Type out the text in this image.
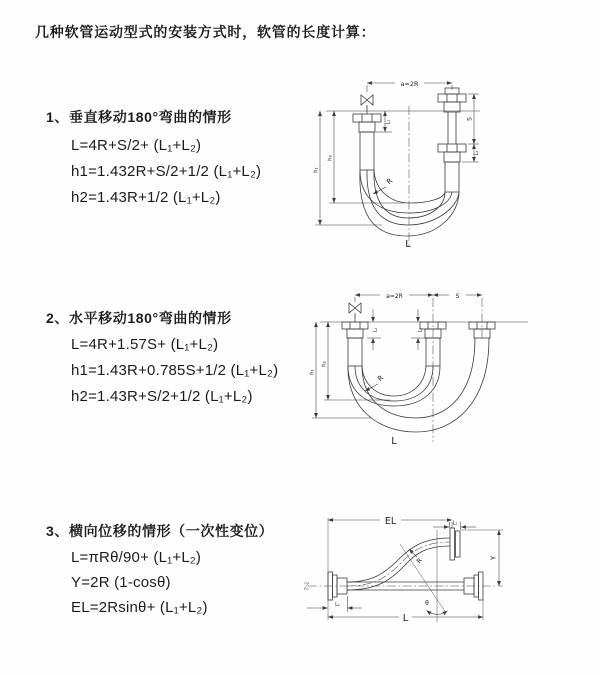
几种软管运动型式的安装方式时，软管的长度计算：
1、垂直移动180°弯曲的情形
L=4R+S/2+ (L₁+L₂)
h1=1.432R+S/2+1/2 (L₁+L₂)
h2=1.43R+1/2 (L₁+L₂)
2、水平移动180°弯曲的情形
L=4R+1.57S+ (L₁+L₂)
h1=1.43R+0.785S+1/2 (L₁+L₂)
h2=1.43R+S/2+1/2 (L₁+L₂)
3、横向位移的情形（一次性变位）
L=πRθ/90+ (L₁+L₂)
Y=2R (1-cosθ)
EL=2Rsinθ+ (L₁+L₂)
a=2R
L₁
S
L₂
h₁
h₂
R
L
a=2R	S
L₁	L₂
h₁
h₂
R
L
EL	L₂
Y
L₁
L
θ
R
